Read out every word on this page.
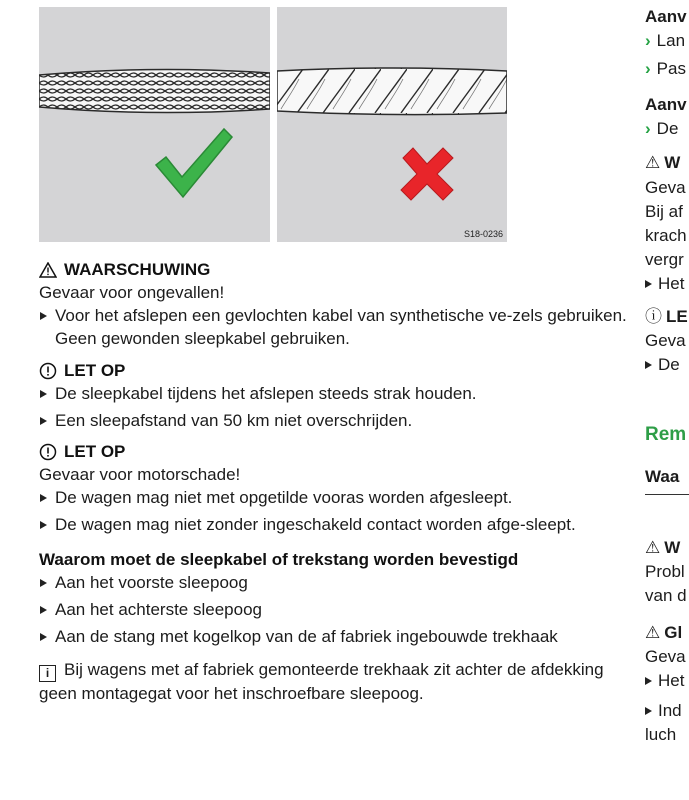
S18-0236
WAARSCHUWING
Gevaar voor ongevallen!
Voor het afslepen een gevlochten kabel van synthetische ve-zels gebruiken. Geen gewonden sleepkabel gebruiken.
LET OP
De sleepkabel tijdens het afslepen steeds strak houden.
Een sleepafstand van 50 km niet overschrijden.
LET OP
Gevaar voor motorschade!
De wagen mag niet met opgetilde vooras worden afgesleept.
De wagen mag niet zonder ingeschakeld contact worden afge-sleept.
Waarom moet de sleepkabel of trekstang worden bevestigd
Aan het voorste sleepoog
Aan het achterste sleepoog
Aan de stang met kogelkop van de af fabriek ingebouwde trekhaak
i Bij wagens met af fabriek gemonteerde trekhaak zit achter de afdekking geen montagegat voor het inschroefbare sleepoog.
Aanv
› Lan
› Pas
Aanv
› De
⚠ W
Geva
Bij af
krach
vergr
Het
ⓘ LE
Geva
De
Rem
Waa
⚠ W
Probl
van d
⚠ Gl
Geva
Het
Ind
luch
